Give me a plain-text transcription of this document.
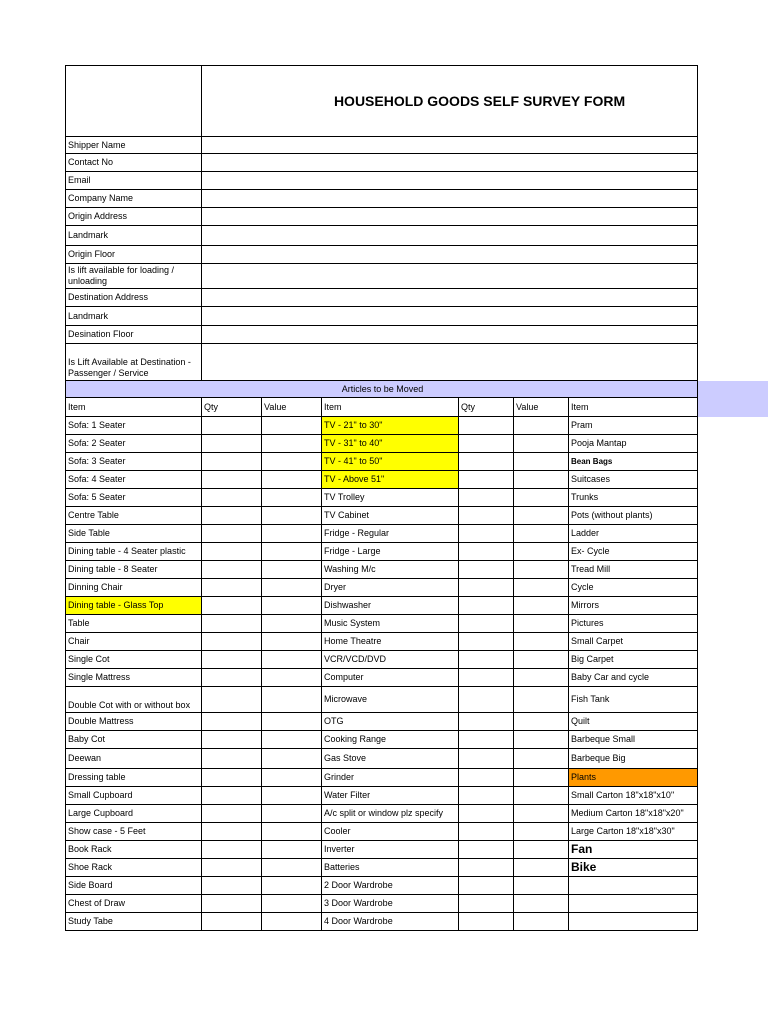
	HOUSEHOLD GOODS SELF SURVEY FORM					
Shipper Name						
Contact No						
Email						
Company Name						
Origin Address						
Landmark						
Origin Floor						
Is lift available for loading / unloading						
Destination Address						
Landmark						
Desination Floor						
Is Lift Available at Destination - Passenger / Service						
Articles to be Moved						
Item	Qty	Value	Item	Qty	Value	Item
Sofa: 1 Seater			TV - 21" to 30"			Pram
Sofa: 2 Seater			TV - 31" to 40"			Pooja Mantap
Sofa: 3 Seater			TV - 41" to 50"			Bean Bags
Sofa: 4 Seater			TV - Above 51"			Suitcases
Sofa: 5 Seater			TV Trolley			Trunks
Centre Table			TV Cabinet			Pots (without plants)
Side Table			Fridge - Regular			Ladder
Dining table - 4 Seater plastic			Fridge - Large			Ex- Cycle
Dining table - 8 Seater			Washing M/c			Tread Mill
Dinning Chair			Dryer			Cycle
Dining table - Glass Top			Dishwasher			Mirrors
Table			Music System			Pictures
Chair			Home Theatre			Small Carpet
Single Cot			VCR/VCD/DVD			Big Carpet
Single Mattress			Computer			Baby Car and cycle
Double Cot with or without box			Microwave			Fish Tank
Double Mattress			OTG			Quilt
Baby Cot			Cooking Range			Barbeque Small
Deewan			Gas Stove			Barbeque Big
Dressing table			Grinder			Plants
Small Cupboard			Water Filter			Small Carton 18"x18"x10"
Large Cupboard			A/c split or window plz specify			Medium Carton 18"x18"x20"
Show case - 5 Feet			Cooler			Large Carton 18"x18"x30"
Book Rack			Inverter			Fan
Shoe Rack			Batteries			Bike
Side Board			2 Door Wardrobe			
Chest of Draw			3 Door Wardrobe			
Study Tabe			4 Door Wardrobe			
